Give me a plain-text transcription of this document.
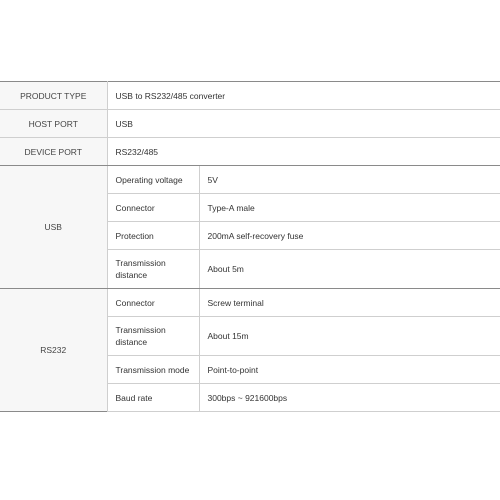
PRODUCT TYPE	USB to RS232/485 converter	
HOST PORT	USB	
DEVICE PORT	RS232/485	
USB	Operating voltage	5V
	Connector	Type-A male
	Protection	200mA self-recovery fuse
	Transmission distance	About 5m
RS232	Connector	Screw terminal
	Transmission distance	About 15m
	Transmission mode	Point-to-point
	Baud rate	300bps ~ 921600bps
